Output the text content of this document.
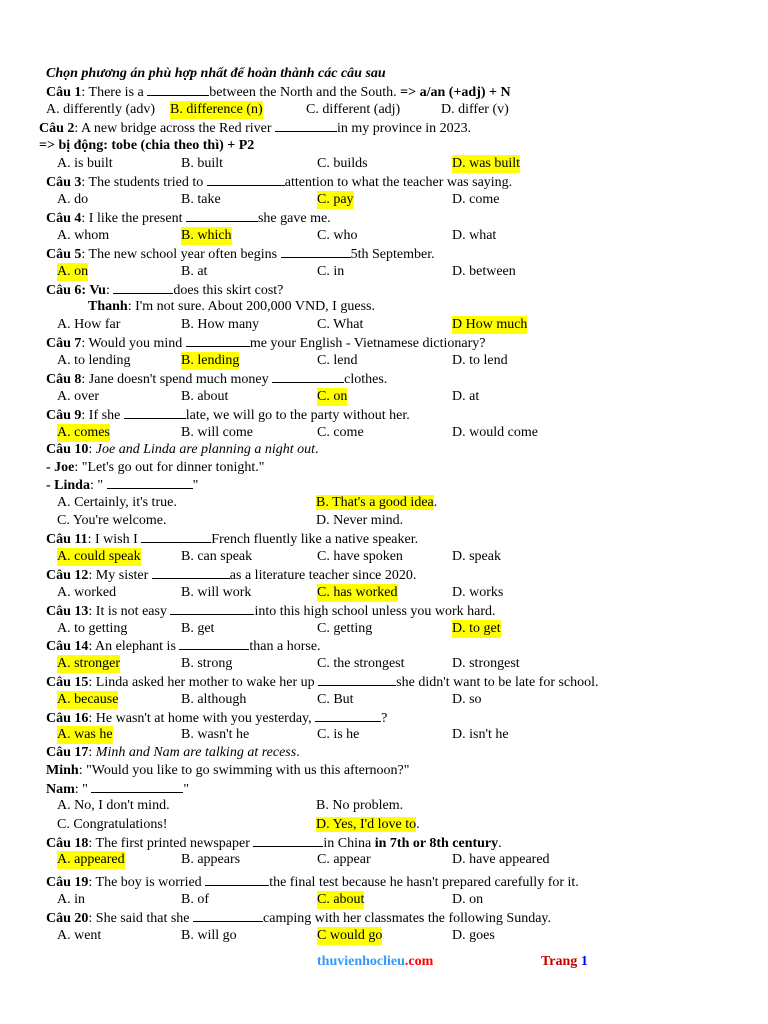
Chọn phương án phù hợp nhất để hoàn thành các câu sau
Câu 1: There is a	between the North and the South. => a/an (+adj) + N
A. differently (adv) B. difference (n)	C. different (adj)	D. differ (v)
Câu 2: A new bridge across the Red river	in my province in 2023.
=> bị động: tobe (chia theo thì) + P2
A. is built	B. built	C. builds	D. was built
Câu 3: The students tried to	attention to what the teacher was saying.
A. do	B. take	C. pay	D. come
Câu 4: I like the present	she gave me.
A. whom	B. which	C. who	D. what
Câu 5: The new school year often begins	5th September.
A. on	B. at	C. in	D. between
Câu 6: Vu:	does this skirt cost?
Thanh: I'm not sure. About 200,000 VND, I guess.
A. How far	B. How many	C. What	D How much
Câu 7: Would you mind	me your English - Vietnamese dictionary?
A. to lending	B. lending	C. lend	D. to lend
Câu 8: Jane doesn't spend much money	clothes.
A. over	B. about	C. on	D. at
Câu 9: If she	late, we will go to the party without her.
A. comes	B. will come	C. come	D. would come
Câu 10: Joe and Linda are planning a night out.
- Joe: "Let's go out for dinner tonight."
- Linda: "	"
A. Certainly, it's true.	B. That's a good idea.
C. You're welcome.	D. Never mind.
Câu 11: I wish I	French fluently like a native speaker.
A. could speak	B. can speak	C. have spoken	D. speak
Câu 12: My sister	as a literature teacher since 2020.
A. worked	B. will work	C. has worked	D. works
Câu 13: It is not easy	into this high school unless you work hard.
A. to getting	B. get	C. getting	D. to get
Câu 14: An elephant is	than a horse.
A. stronger	B. strong	C. the strongest	D. strongest
Câu 15: Linda asked her mother to wake her up	she didn't want to be late for school.
A. because	B. although	C. But	D. so
Câu 16: He wasn't at home with you yesterday,	?
A. was he	B. wasn't he	C. is he	D. isn't he
Câu 17: Minh and Nam are talking at recess.
Minh: "Would you like to go swimming with us this afternoon?"
Nam: "	"
A. No, I don't mind.	B. No problem.
C. Congratulations!	D. Yes, I'd love to.
Câu 18: The first printed newspaper	in China in 7th or 8th century.
A. appeared	B. appears	C. appear	D. have appeared
Câu 19: The boy is worried	the final test because he hasn't prepared carefully for it.
A. in	B. of	C. about	D. on
Câu 20: She said that she	camping with her classmates the following Sunday.
A. went	B. will go	C would go	D. goes
thuvienhoclieu.com	Trang 1
